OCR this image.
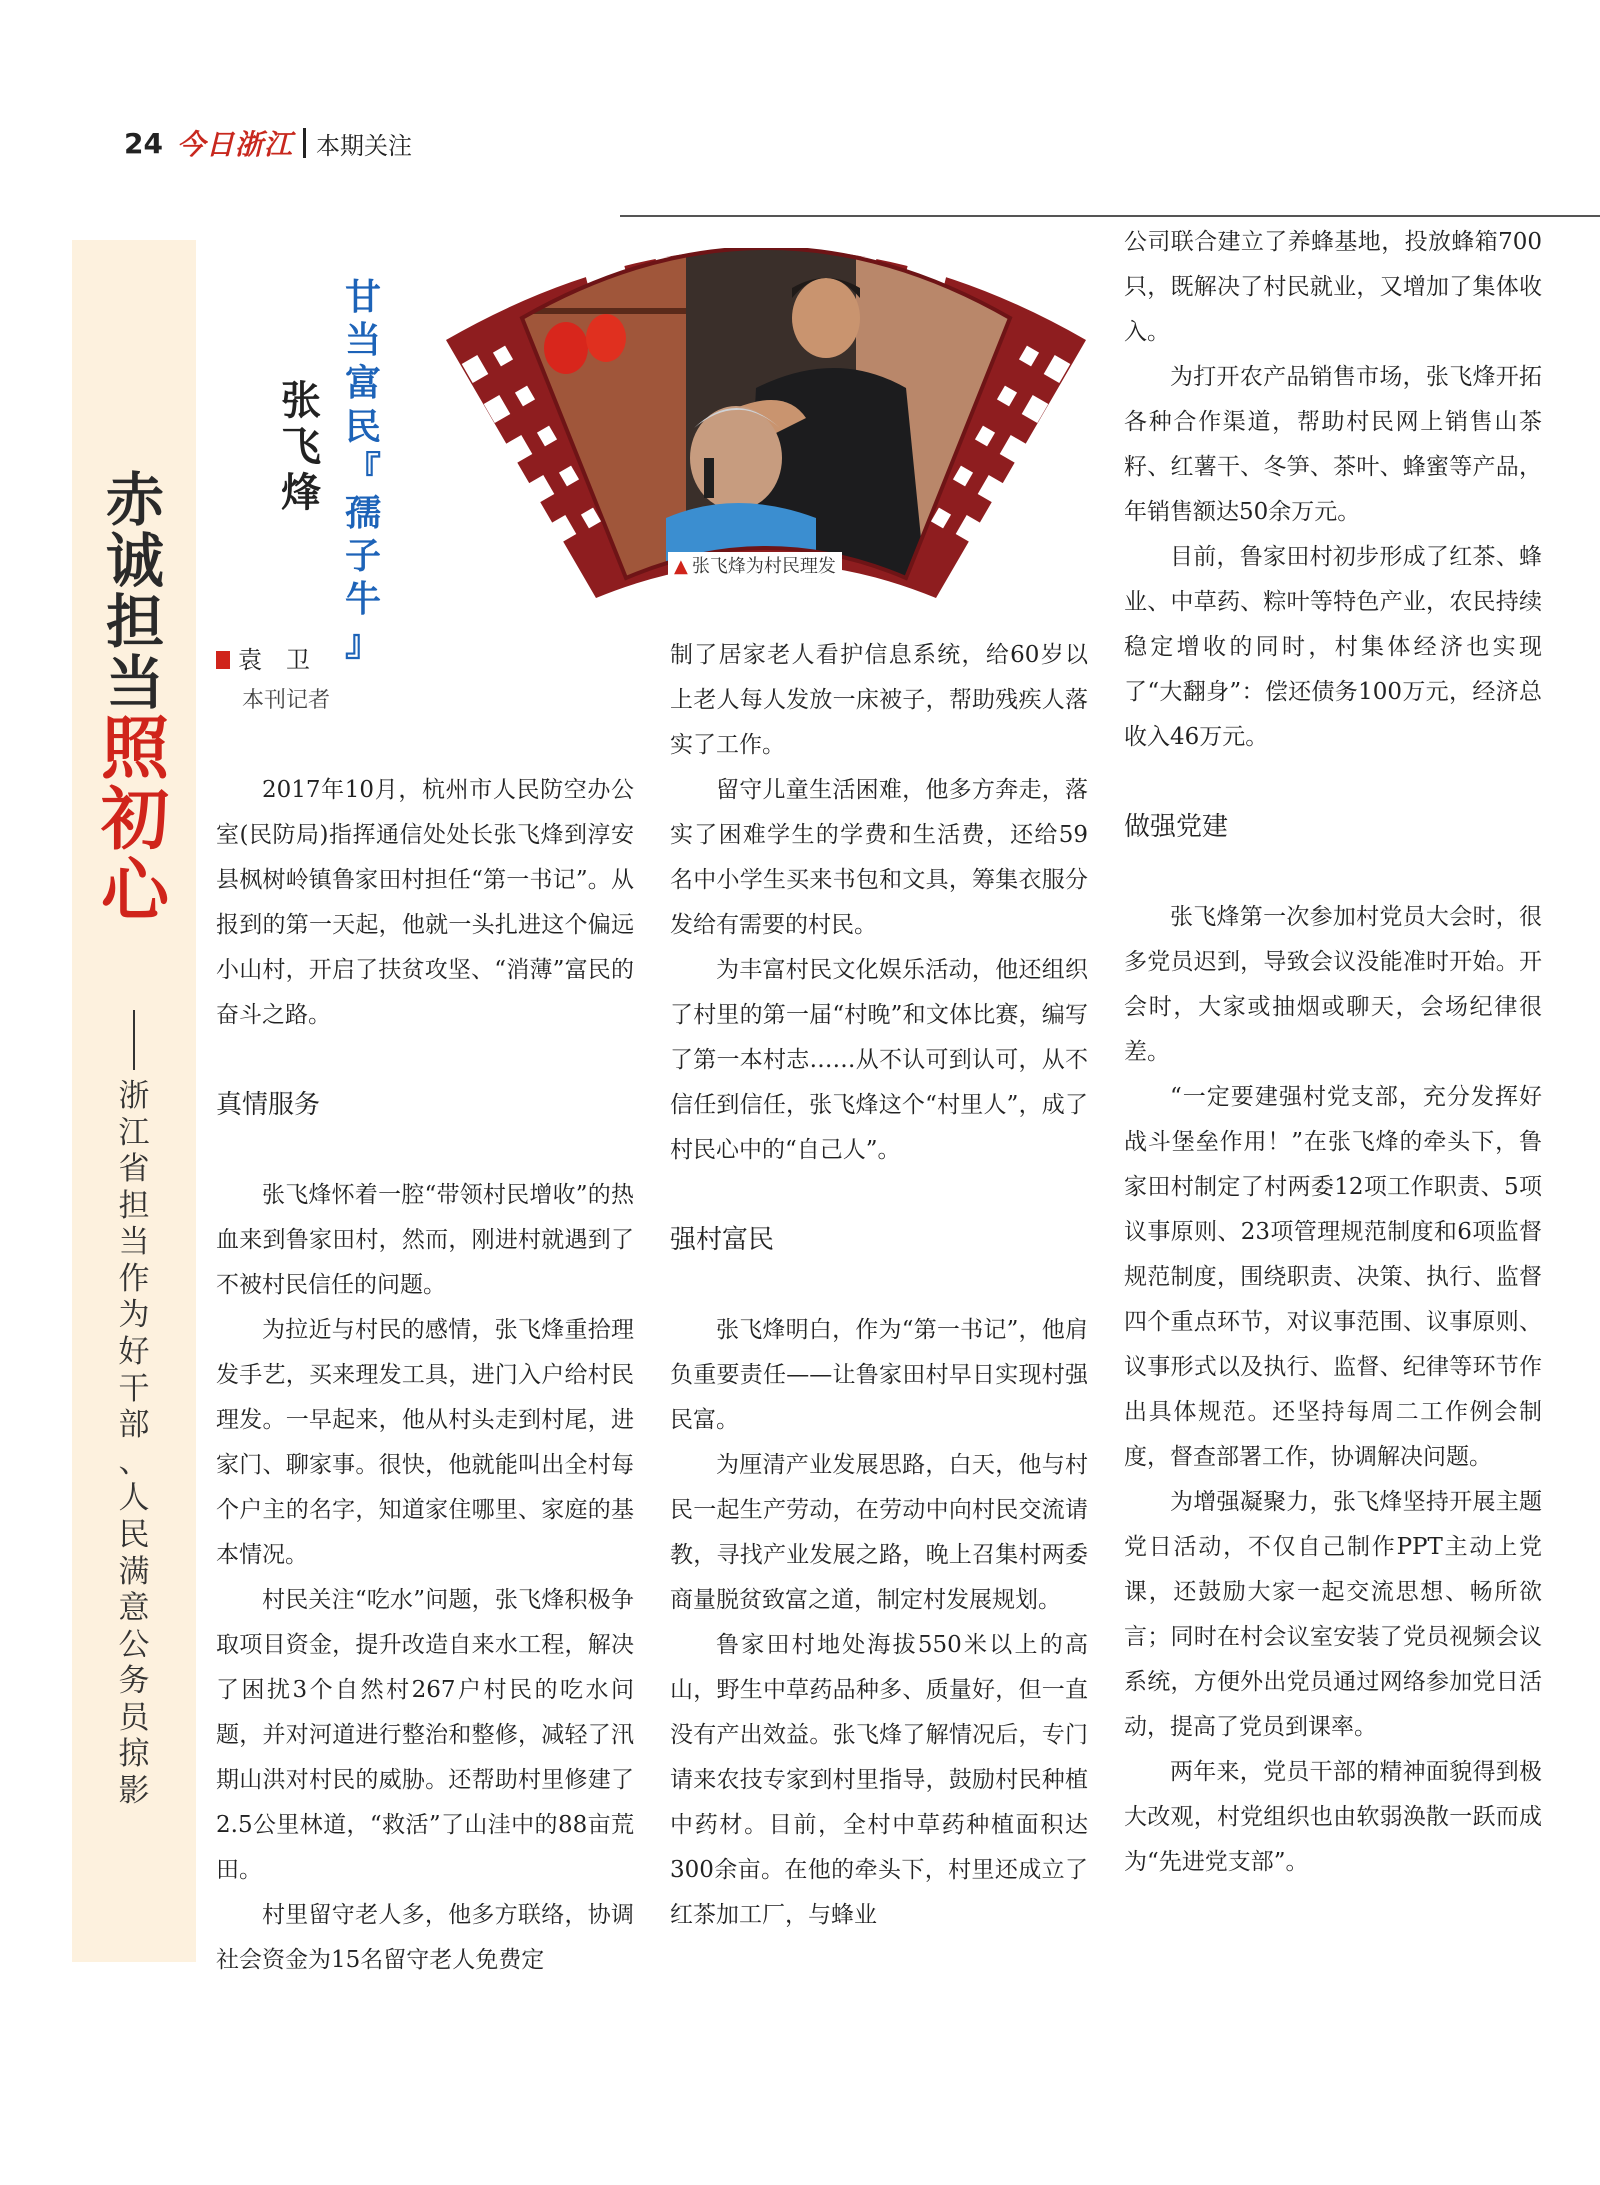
24 今日浙江 本期关注
赤
诚
担
当
照
初
心
浙
江
省
担
当
作
为
好
干
部
、
人
民
满
意
公
务
员
掠
影
张
飞
烽
甘
当
富
民
『
孺
子
牛
』
▲ 张飞烽为村民理发
袁　卫
本刊记者

2017年10月，杭州市人民防空办公室(民防局)指挥通信处处长张飞烽到淳安县枫树岭镇鲁家田村担任“第一书记”。从报到的第一天起，他就一头扎进这个偏远小山村，开启了扶贫攻坚、“消薄”富民的奋斗之路。

真情服务

张飞烽怀着一腔“带领村民增收”的热血来到鲁家田村，然而，刚进村就遇到了不被村民信任的问题。

为拉近与村民的感情，张飞烽重拾理发手艺，买来理发工具，进门入户给村民理发。一早起来，他从村头走到村尾，进家门、聊家事。很快，他就能叫出全村每个户主的名字，知道家住哪里、家庭的基本情况。

村民关注“吃水”问题，张飞烽积极争取项目资金，提升改造自来水工程，解决了困扰3个自然村267户村民的吃水问题，并对河道进行整治和整修，减轻了汛期山洪对村民的威胁。还帮助村里修建了2.5公里林道，“救活”了山洼中的88亩荒田。

村里留守老人多，他多方联络，协调社会资金为15名留守老人免费定

制了居家老人看护信息系统，给60岁以上老人每人发放一床被子，帮助残疾人落实了工作。

留守儿童生活困难，他多方奔走，落实了困难学生的学费和生活费，还给59名中小学生买来书包和文具，筹集衣服分发给有需要的村民。

为丰富村民文化娱乐活动，他还组织了村里的第一届“村晚”和文体比赛，编写了第一本村志……从不认可到认可，从不信任到信任，张飞烽这个“村里人”，成了村民心中的“自己人”。

强村富民

张飞烽明白，作为“第一书记”，他肩负重要责任——让鲁家田村早日实现村强民富。

为厘清产业发展思路，白天，他与村民一起生产劳动，在劳动中向村民交流请教，寻找产业发展之路，晚上召集村两委商量脱贫致富之道，制定村发展规划。

鲁家田村地处海拔550米以上的高山，野生中草药品种多、质量好，但一直没有产出效益。张飞烽了解情况后，专门请来农技专家到村里指导，鼓励村民种植中药材。目前，全村中草药种植面积达300余亩。在他的牵头下，村里还成立了红茶加工厂，与蜂业

公司联合建立了养蜂基地，投放蜂箱700只，既解决了村民就业，又增加了集体收入。

为打开农产品销售市场，张飞烽开拓各种合作渠道，帮助村民网上销售山茶籽、红薯干、冬笋、茶叶、蜂蜜等产品，年销售额达50余万元。

目前，鲁家田村初步形成了红茶、蜂业、中草药、粽叶等特色产业，农民持续稳定增收的同时，村集体经济也实现了“大翻身”：偿还债务100万元，经济总收入46万元。

做强党建

张飞烽第一次参加村党员大会时，很多党员迟到，导致会议没能准时开始。开会时，大家或抽烟或聊天，会场纪律很差。

“一定要建强村党支部，充分发挥好战斗堡垒作用！”在张飞烽的牵头下，鲁家田村制定了村两委12项工作职责、5项议事原则、23项管理规范制度和6项监督规范制度，围绕职责、决策、执行、监督四个重点环节，对议事范围、议事原则、议事形式以及执行、监督、纪律等环节作出具体规范。还坚持每周二工作例会制度，督查部署工作，协调解决问题。

为增强凝聚力，张飞烽坚持开展主题党日活动，不仅自己制作PPT主动上党课，还鼓励大家一起交流思想、畅所欲言；同时在村会议室安装了党员视频会议系统，方便外出党员通过网络参加党日活动，提高了党员到课率。

两年来，党员干部的精神面貌得到极大改观，村党组织也由软弱涣散一跃而成为“先进党支部”。
